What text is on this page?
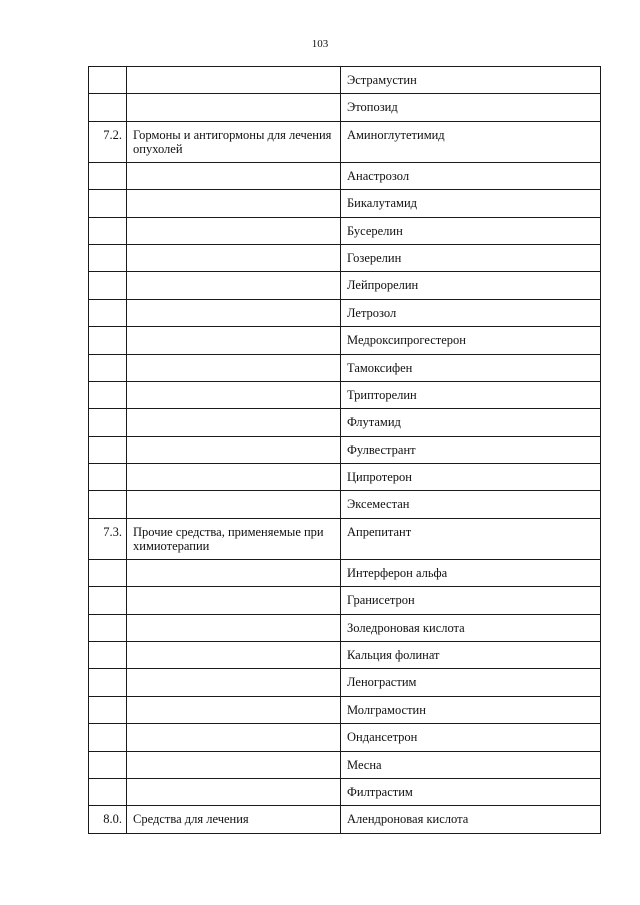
103
		Эстрамустин
		Этопозид
7.2.	Гормоны и антигормоны для лечения опухолей	Аминоглутетимид
		Анастрозол
		Бикалутамид
		Бусерелин
		Гозерелин
		Лейпрорелин
		Летрозол
		Медроксипрогестерон
		Тамоксифен
		Трипторелин
		Флутамид
		Фулвестрант
		Ципротерон
		Эксеместан
7.3.	Прочие средства, применяемые при химиотерапии	Апрепитант
		Интерферон альфа
		Гранисетрон
		Золедроновая кислота
		Кальция фолинат
		Ленограстим
		Молграмостин
		Ондансетрон
		Месна
		Филтрастим
8.0.	Средства для лечения	Алендроновая кислота
